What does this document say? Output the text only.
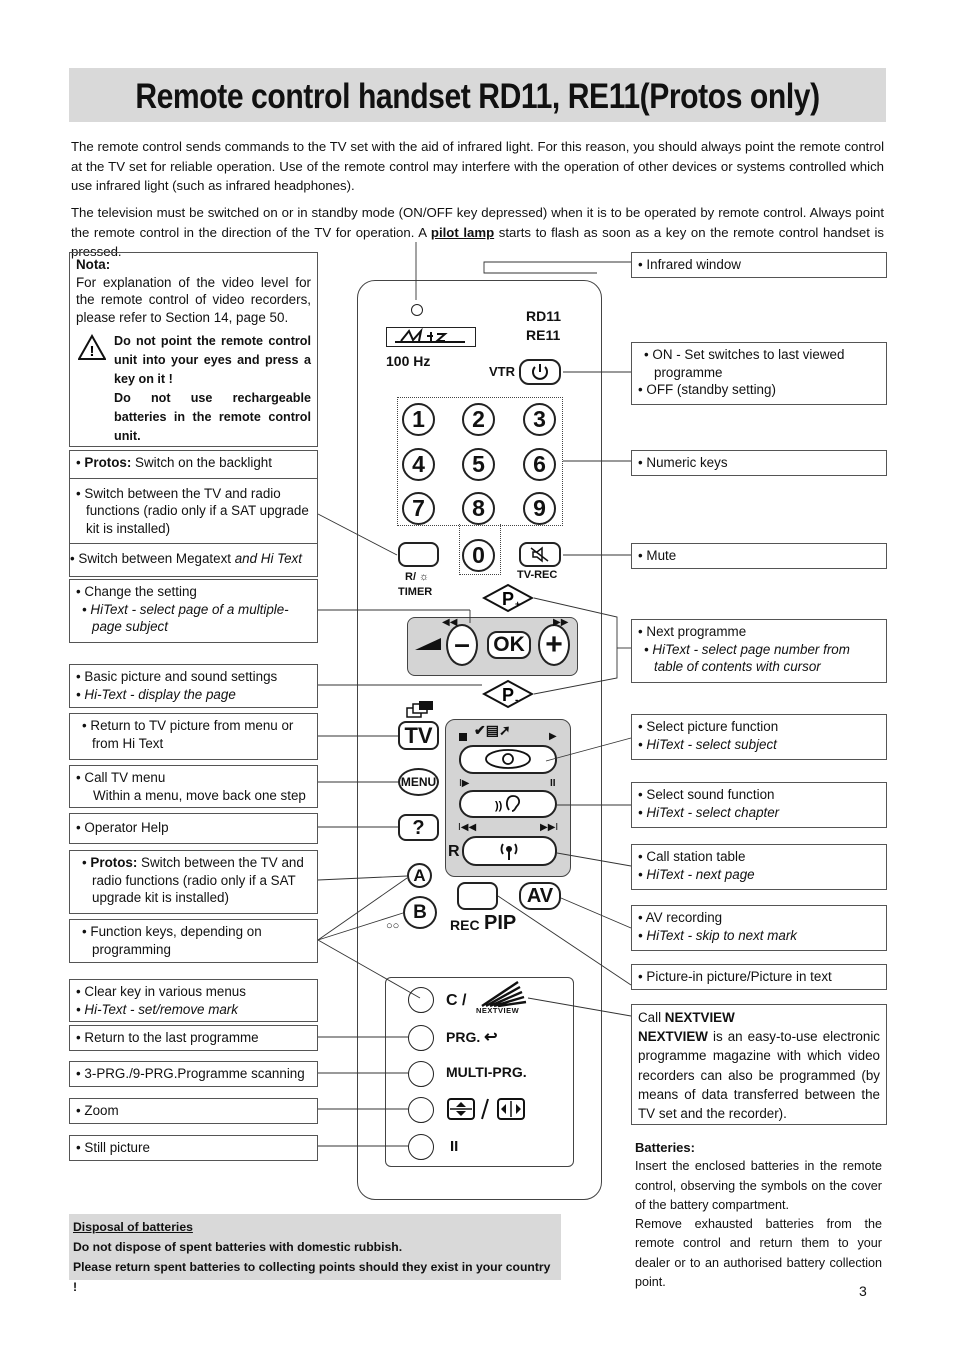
Remote control handset RD11, RE11(Protos only)
The remote control sends commands to the TV set with the aid of infrared light. For this reason, you should always point the remote control at the TV set for reliable operation. Use of the remote control may interfere with the operation of other devices or systems controlled which use infrared light (such as infrared headphones).
The television must be switched on or in standby mode (ON/OFF key depressed) when it is to be operated by remote control. Always point the remote control in the direction of the TV for operation. A pilot lamp starts to flash as soon as a key on the remote control handset is pressed.
Nota:
For explanation of the video level for the remote control of video recorders, please refer to Section 14, page 50.
!
Do not point the remote control unit into your eyes and press a key on it !
Do not use rechargeable batteries in the remote control unit.
• Protos: Switch on the backlight
• Switch between the TV and radio functions (radio only if a SAT upgrade kit is installed)
• Switch between Megatext and Hi Text
• Change the setting
• HiText - select page of a multiple-page subject
• Basic picture and sound settings
• Hi-Text - display the page
• Return to TV picture from menu or from Hi Text
• Call TV menu
Within a menu, move back one step
• Operator Help
• Protos: Switch between the TV and radio functions (radio only if a SAT upgrade kit is installed)
• Function keys, depending on programming
• Clear key in various menus
• Hi-Text - set/remove mark
• Return to the last programme
• 3-PRG./9-PRG.Programme scanning
• Zoom
• Still picture
• Infrared window
• ON - Set switches to last viewed programme
• OFF (standby setting)
• Numeric keys
• Mute
• Next programme
• HiText - select page number from table of contents with cursor
• Select picture function
• HiText - select subject
• Select sound function
• HiText - select chapter
• Call station table
• HiText - next page
• AV recording
• HiText - skip to next mark
• Picture-in picture/Picture in text
Call NEXTVIEW
NEXTVIEW is an easy-to-use electronic programme magazine with which video recorders can also be programmed (by means of data transferred between the TV set and the recorder).
Batteries:
Insert the enclosed batteries in the remote control, observing the symbols on the cover of the battery compartment.
Remove exhausted batteries from the remote control and return them to your dealer or to an authorised battery collection point.
Disposal of batteries
Do not dispose of spent batteries with domestic rubbish.
Please return spent batteries to collecting points should they exist in your country !	3
100 Hz
RD11
RE11
VTR
1	2	3
4	5	6
7	8	9
0
R/ ☼
TIMER
TV-REC
P +
–	OK +
◀◀	▶▶
P -
TV	✔▤➚	▶
I▶	II
))
I◀◀	▶▶I
R
MENU
?
A
B
○○	REC PIP
AV
C /
NEXTVIEW
PRG. ↩
MULTI-PRG.
II
